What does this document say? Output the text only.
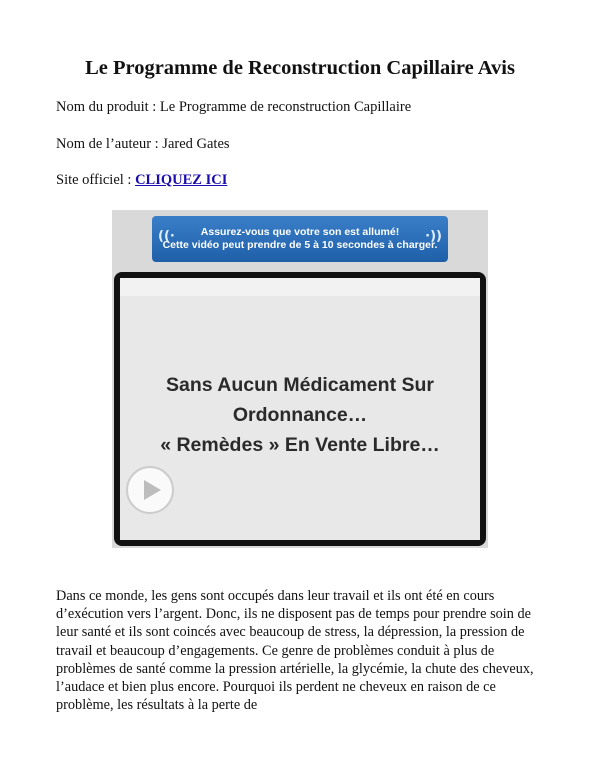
Le Programme de Reconstruction Capillaire Avis
Nom du produit : Le Programme de reconstruction Capillaire
Nom de l’auteur : Jared Gates
Site officiel : CLIQUEZ ICI
((·	Assurez-vous que votre son est allumé!
Cette vidéo peut prendre de 5 à 10 secondes à charger.
·))
Sans Aucun Médicament Sur
Ordonnance…
« Remèdes » En Vente Libre…
Dans ce monde, les gens sont occupés dans leur travail et ils ont été en cours d’exécution vers l’argent. Donc, ils ne disposent pas de temps pour prendre soin de leur santé et ils sont coincés avec beaucoup de stress, la dépression, la pression de travail et beaucoup d’engagements. Ce genre de problèmes conduit à plus de problèmes de santé comme la pression artérielle, la glycémie, la chute des cheveux, l’audace et bien plus encore. Pourquoi ils perdent ne cheveux en raison de ce problème, les résultats à la perte de
